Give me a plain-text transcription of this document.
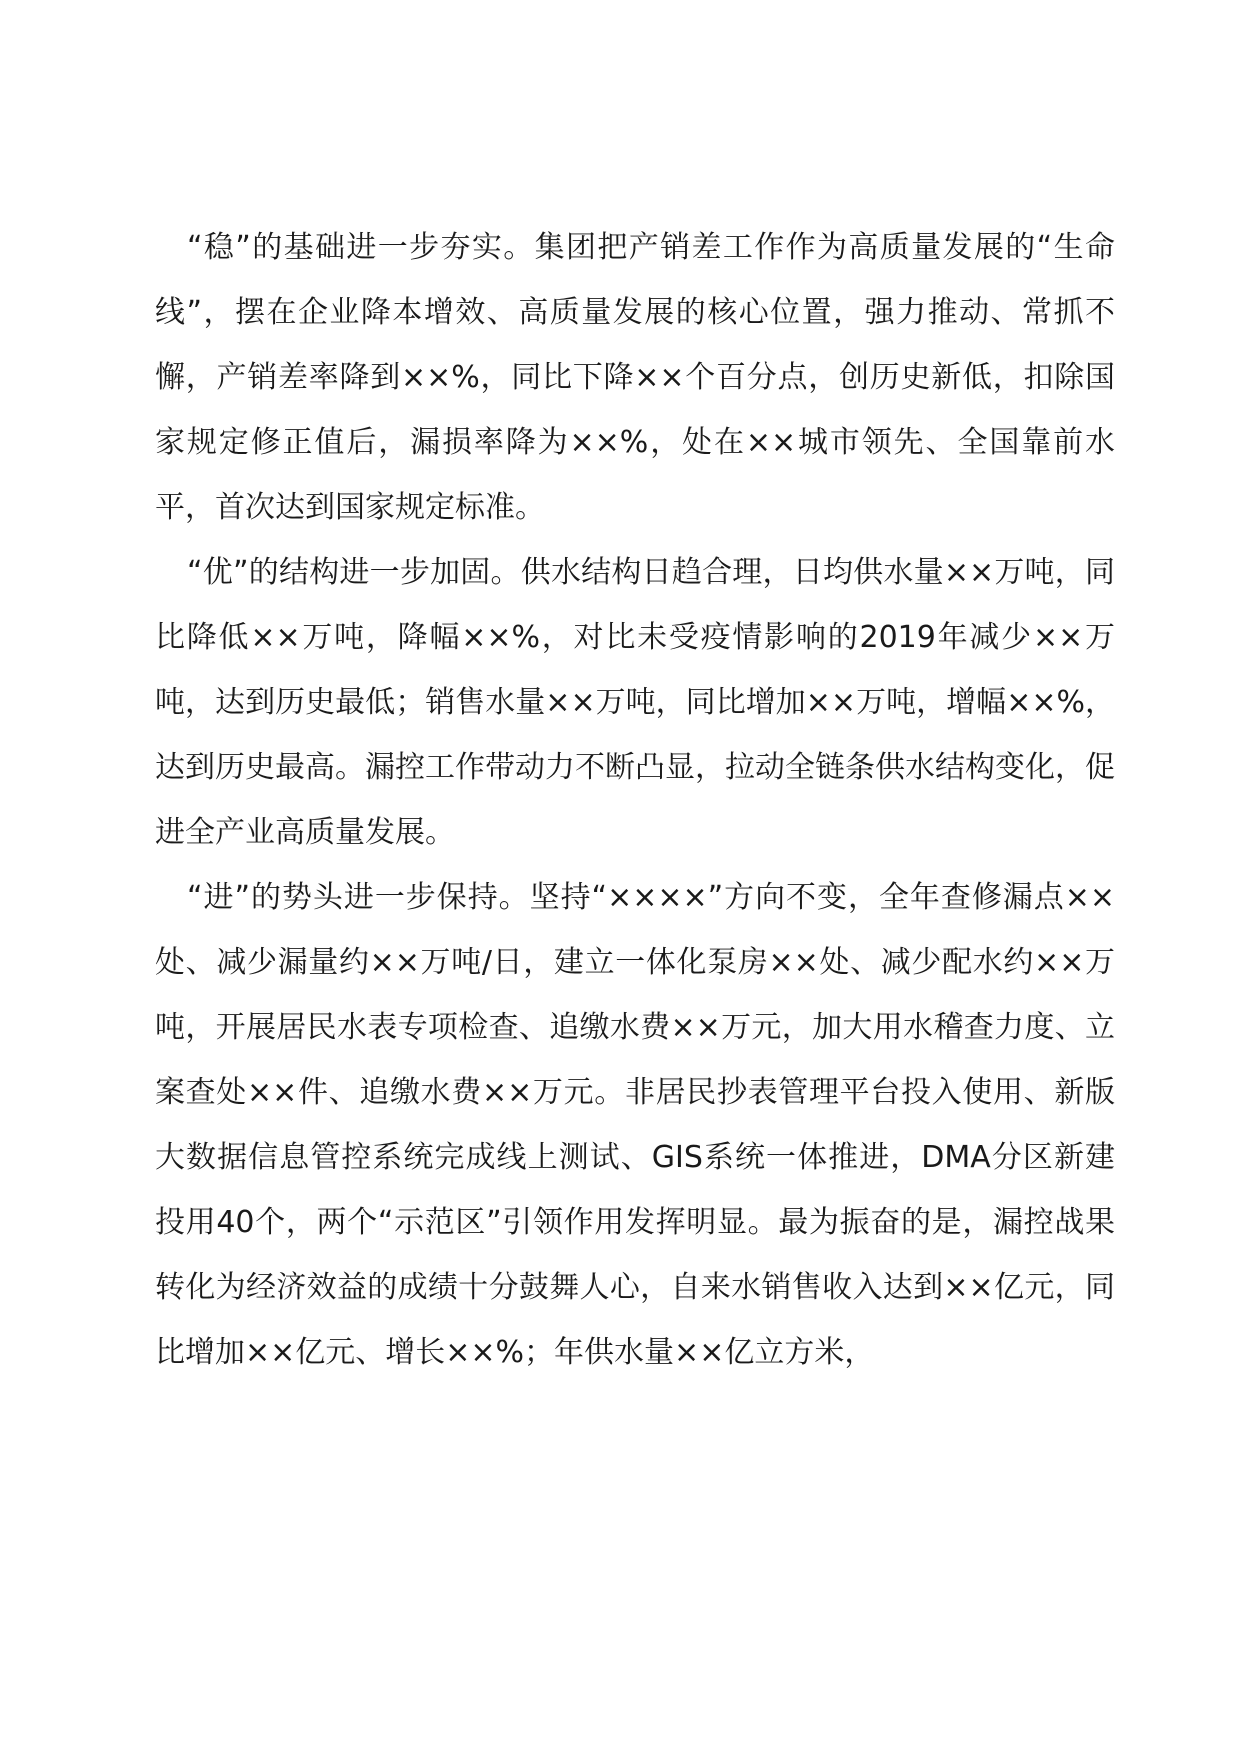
“稳”的基础进一步夯实。集团把产销差工作作为高质量发展的“生命线”，摆在企业降本增效、高质量发展的核心位置，强力推动、常抓不懈，产销差率降到××%，同比下降××个百分点，创历史新低，扣除国家规定修正值后，漏损率降为××%，处在××城市领先、全国靠前水平，首次达到国家规定标准。

“优”的结构进一步加固。供水结构日趋合理，日均供水量××万吨，同比降低××万吨，降幅××%，对比未受疫情影响的2019年减少××万吨，达到历史最低；销售水量××万吨，同比增加××万吨，增幅××%，达到历史最高。漏控工作带动力不断凸显，拉动全链条供水结构变化，促进全产业高质量发展。

“进”的势头进一步保持。坚持“××××”方向不变，全年查修漏点××处、减少漏量约××万吨/日，建立一体化泵房××处、减少配水约××万吨，开展居民水表专项检查、追缴水费××万元，加大用水稽查力度、立案查处××件、追缴水费××万元。非居民抄表管理平台投入使用、新版大数据信息管控系统完成线上测试、GIS系统一体推进，DMA分区新建投用40个，两个“示范区”引领作用发挥明显。最为振奋的是，漏控战果转化为经济效益的成绩十分鼓舞人心，自来水销售收入达到××亿元，同比增加××亿元、增长××%；年供水量××亿立方米，
